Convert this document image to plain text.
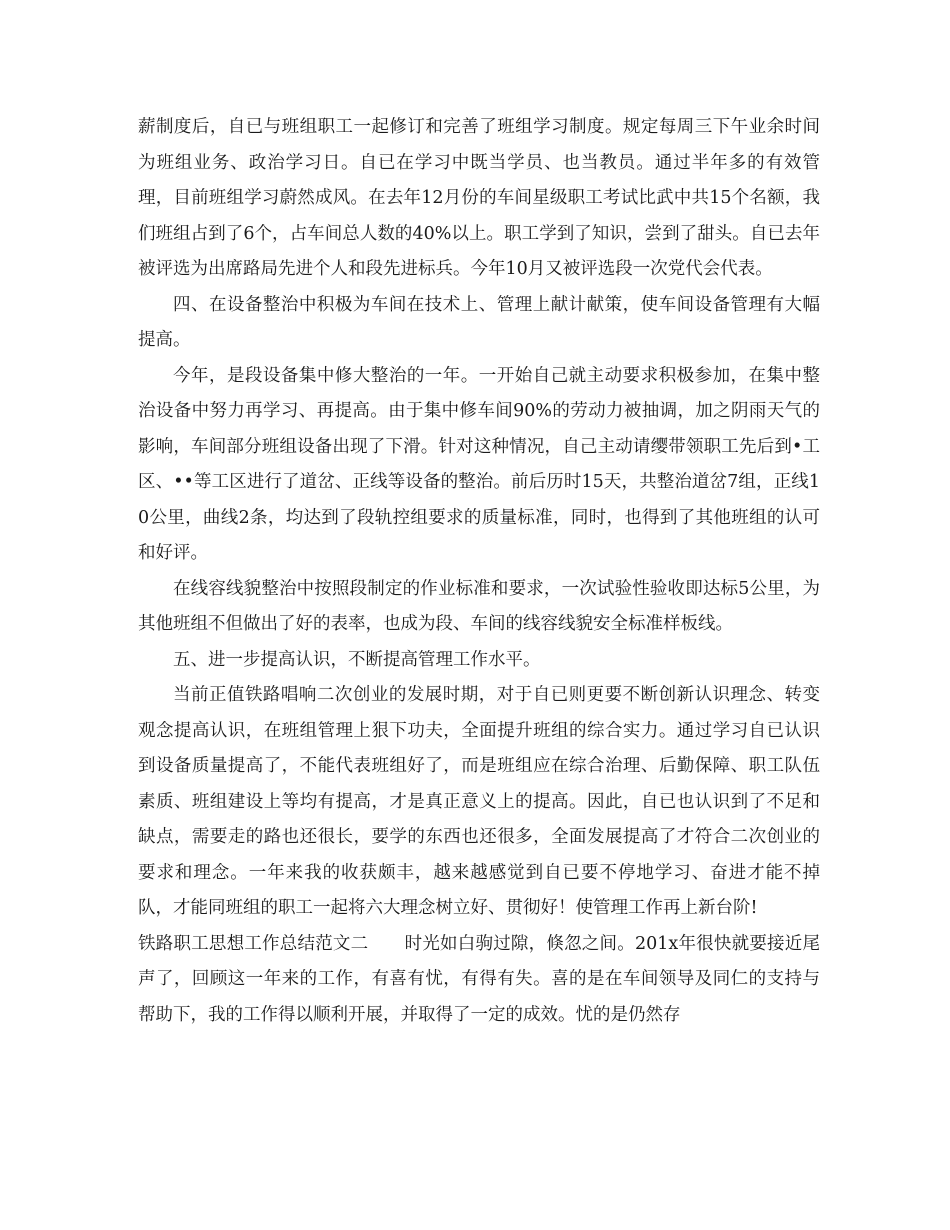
薪制度后，自已与班组职工一起修订和完善了班组学习制度。规定每周三下午业余时间为班组业务、政治学习日。自已在学习中既当学员、也当教员。通过半年多的有效管理，目前班组学习蔚然成风。在去年12月份的车间星级职工考试比武中共15个名额，我们班组占到了6个，占车间总人数的40%以上。职工学到了知识，尝到了甜头。自已去年被评选为出席路局先进个人和段先进标兵。今年10月又被评选段一次党代会代表。

四、在设备整治中积极为车间在技术上、管理上献计献策，使车间设备管理有大幅提高。

今年，是段设备集中修大整治的一年。一开始自己就主动要求积极参加，在集中整治设备中努力再学习、再提高。由于集中修车间90%的劳动力被抽调，加之阴雨天气的影响，车间部分班组设备出现了下滑。针对这种情况，自己主动请缨带领职工先后到•工区、••等工区进行了道岔、正线等设备的整治。前后历时15天，共整治道岔7组，正线10公里，曲线2条，均达到了段轨控组要求的质量标准，同时，也得到了其他班组的认可和好评。

在线容线貌整治中按照段制定的作业标准和要求，一次试验性验收即达标5公里，为其他班组不但做出了好的表率，也成为段、车间的线容线貌安全标准样板线。

五、进一步提高认识，不断提高管理工作水平。

当前正值铁路唱响二次创业的发展时期，对于自已则更要不断创新认识理念、转变观念提高认识，在班组管理上狠下功夫，全面提升班组的综合实力。通过学习自已认识到设备质量提高了，不能代表班组好了，而是班组应在综合治理、后勤保障、职工队伍素质、班组建设上等均有提高，才是真正意义上的提高。因此，自已也认识到了不足和缺点，需要走的路也还很长，要学的东西也还很多，全面发展提高了才符合二次创业的要求和理念。一年来我的收获颇丰，越来越感觉到自已要不停地学习、奋进才能不掉队，才能同班组的职工一起将六大理念树立好、贯彻好！使管理工作再上新台阶!

铁路职工思想工作总结范文二 时光如白驹过隙，倏忽之间。201x年很快就要接近尾声了，回顾这一年来的工作，有喜有忧，有得有失。喜的是在车间领导及同仁的支持与帮助下，我的工作得以顺利开展，并取得了一定的成效。忧的是仍然存
